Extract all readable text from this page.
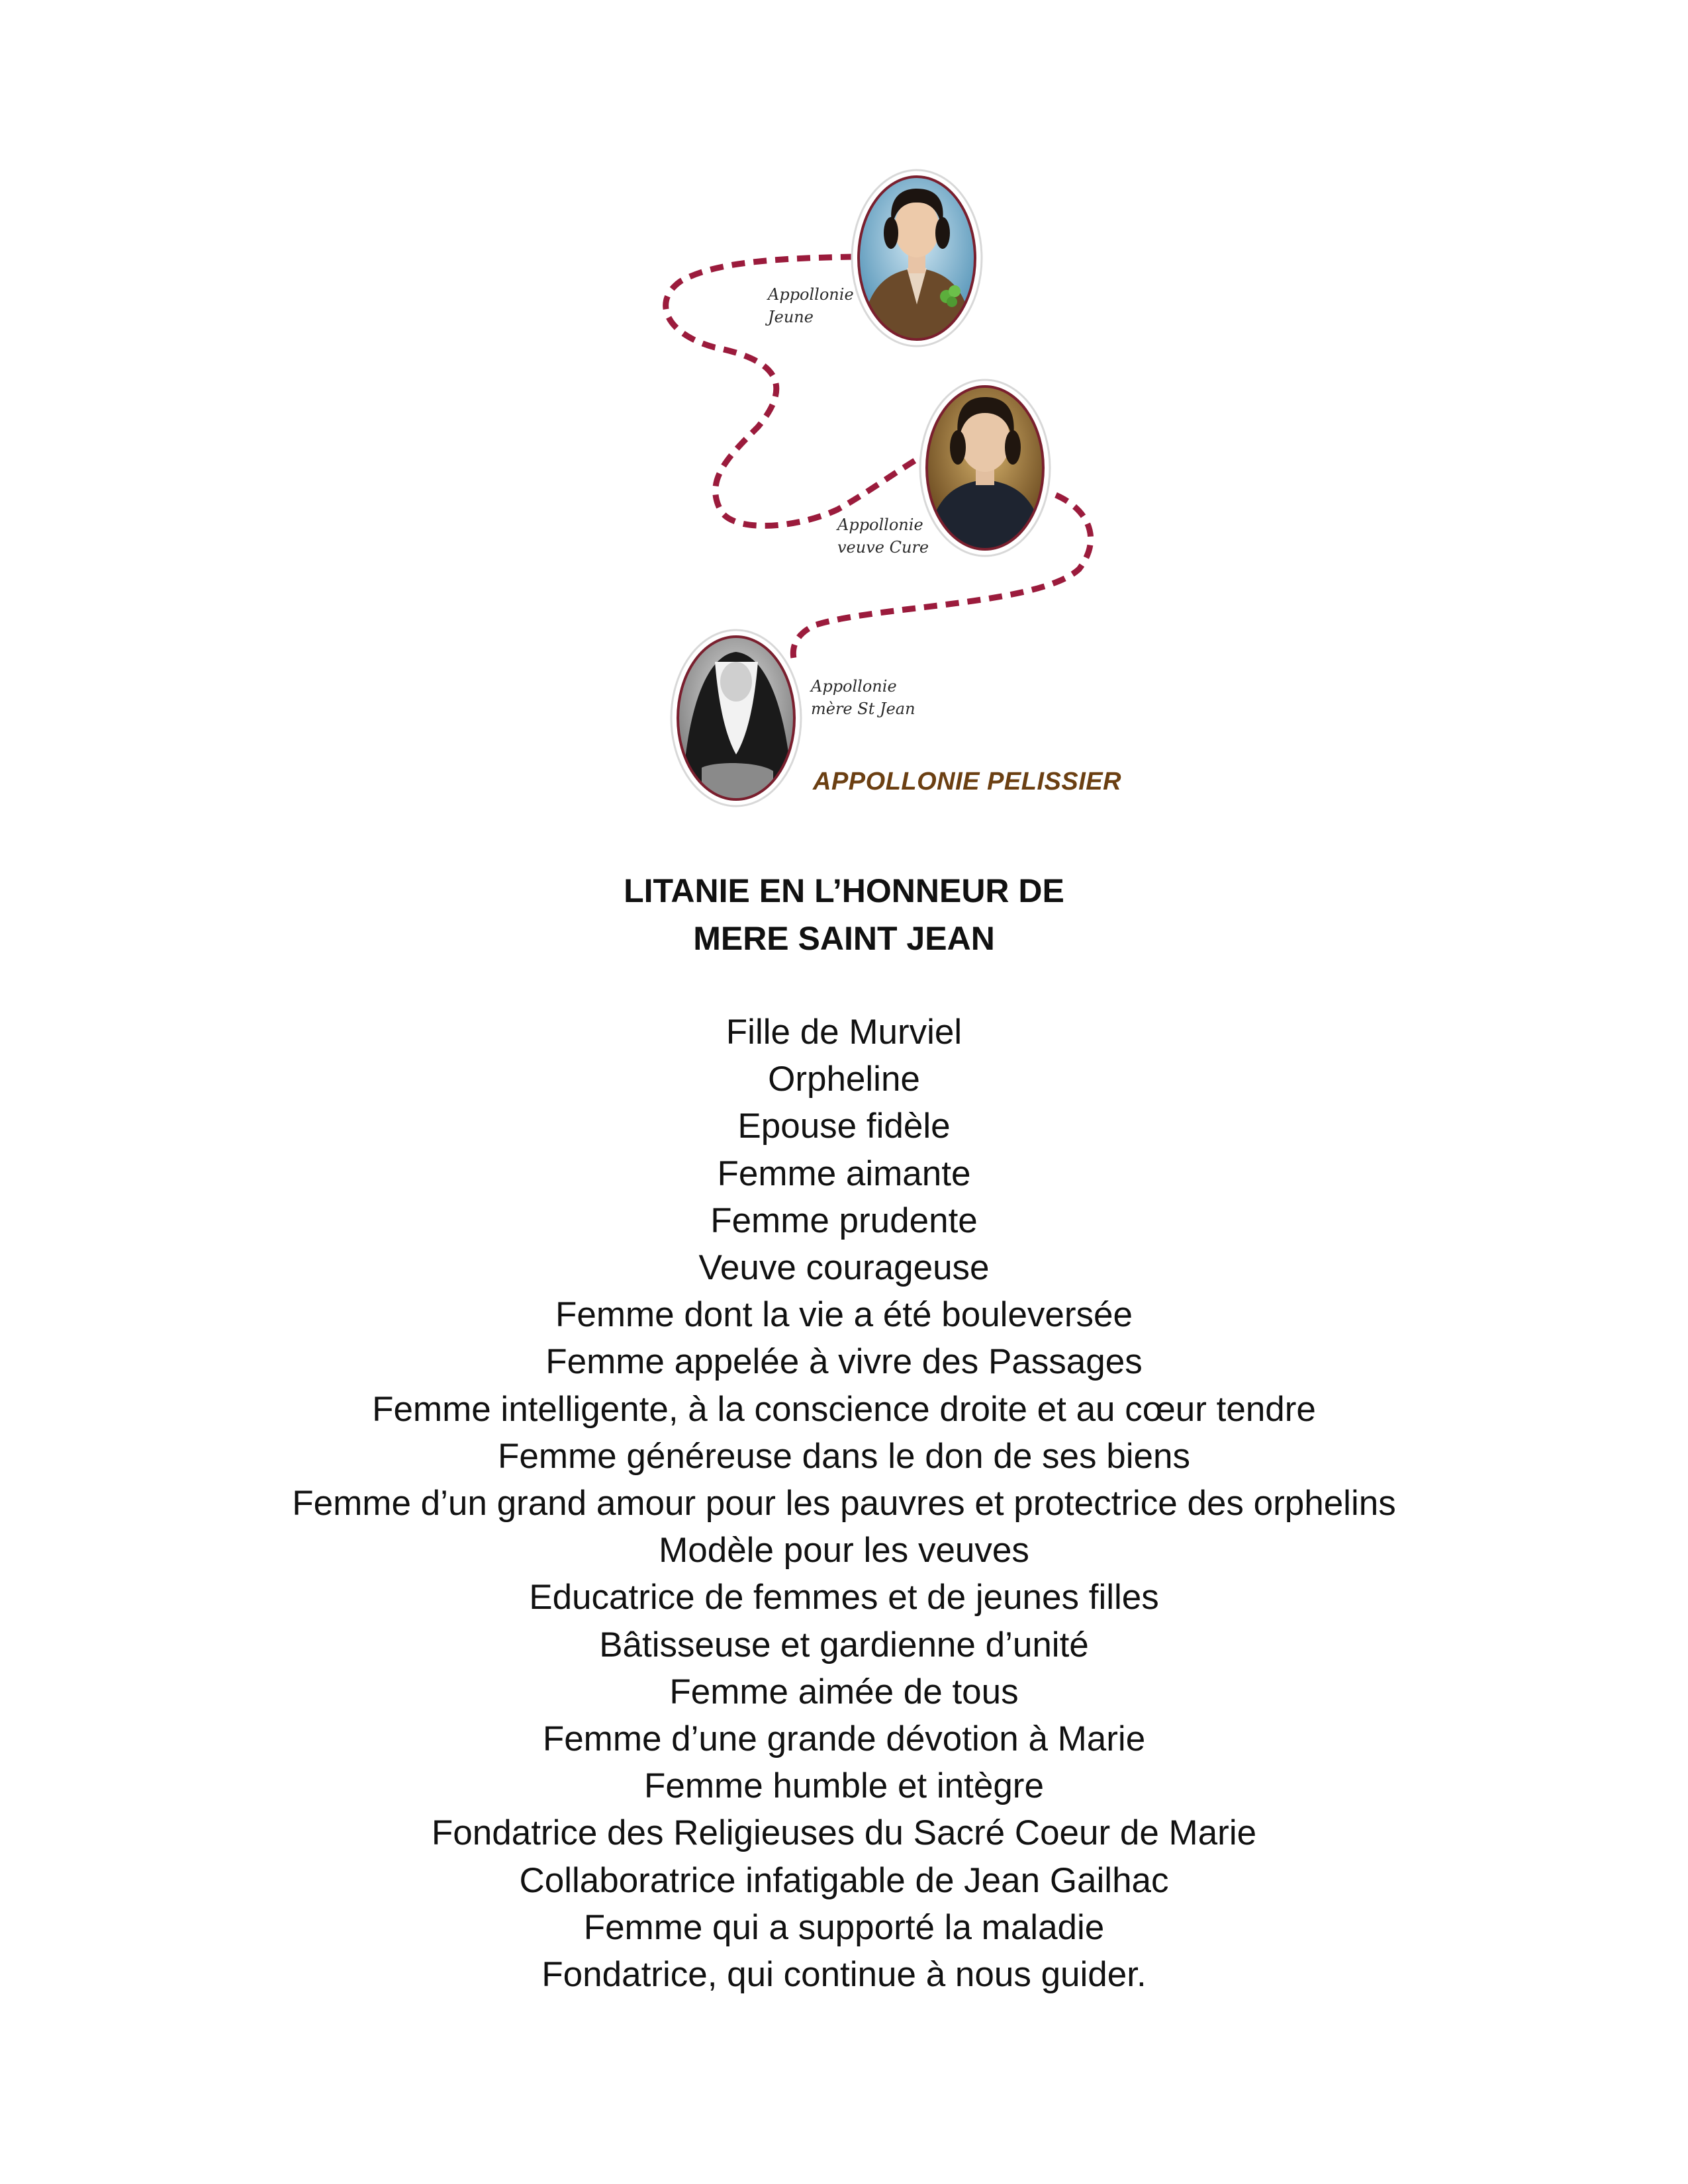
Appollonie
Jeune
Appollonie
veuve Cure
Appollonie
mère St Jean
APPOLLONIE PELISSIER
LITANIE EN L’HONNEUR DE
MERE SAINT JEAN
Fille de Murviel
Orpheline
Epouse fidèle
Femme aimante
Femme prudente
Veuve courageuse
Femme dont la vie a été bouleversée
Femme appelée à vivre des Passages
Femme intelligente, à la conscience droite et au cœur tendre
Femme généreuse dans le don de ses biens
Femme d’un grand amour pour les pauvres et protectrice des orphelins
Modèle pour les veuves
Educatrice de femmes et de jeunes filles
Bâtisseuse et gardienne d’unité
Femme aimée de tous
Femme d’une grande dévotion à Marie
Femme humble et intègre
Fondatrice des Religieuses du Sacré Coeur de Marie
Collaboratrice infatigable de Jean Gailhac
Femme qui a supporté la maladie
Fondatrice, qui continue à nous guider.
